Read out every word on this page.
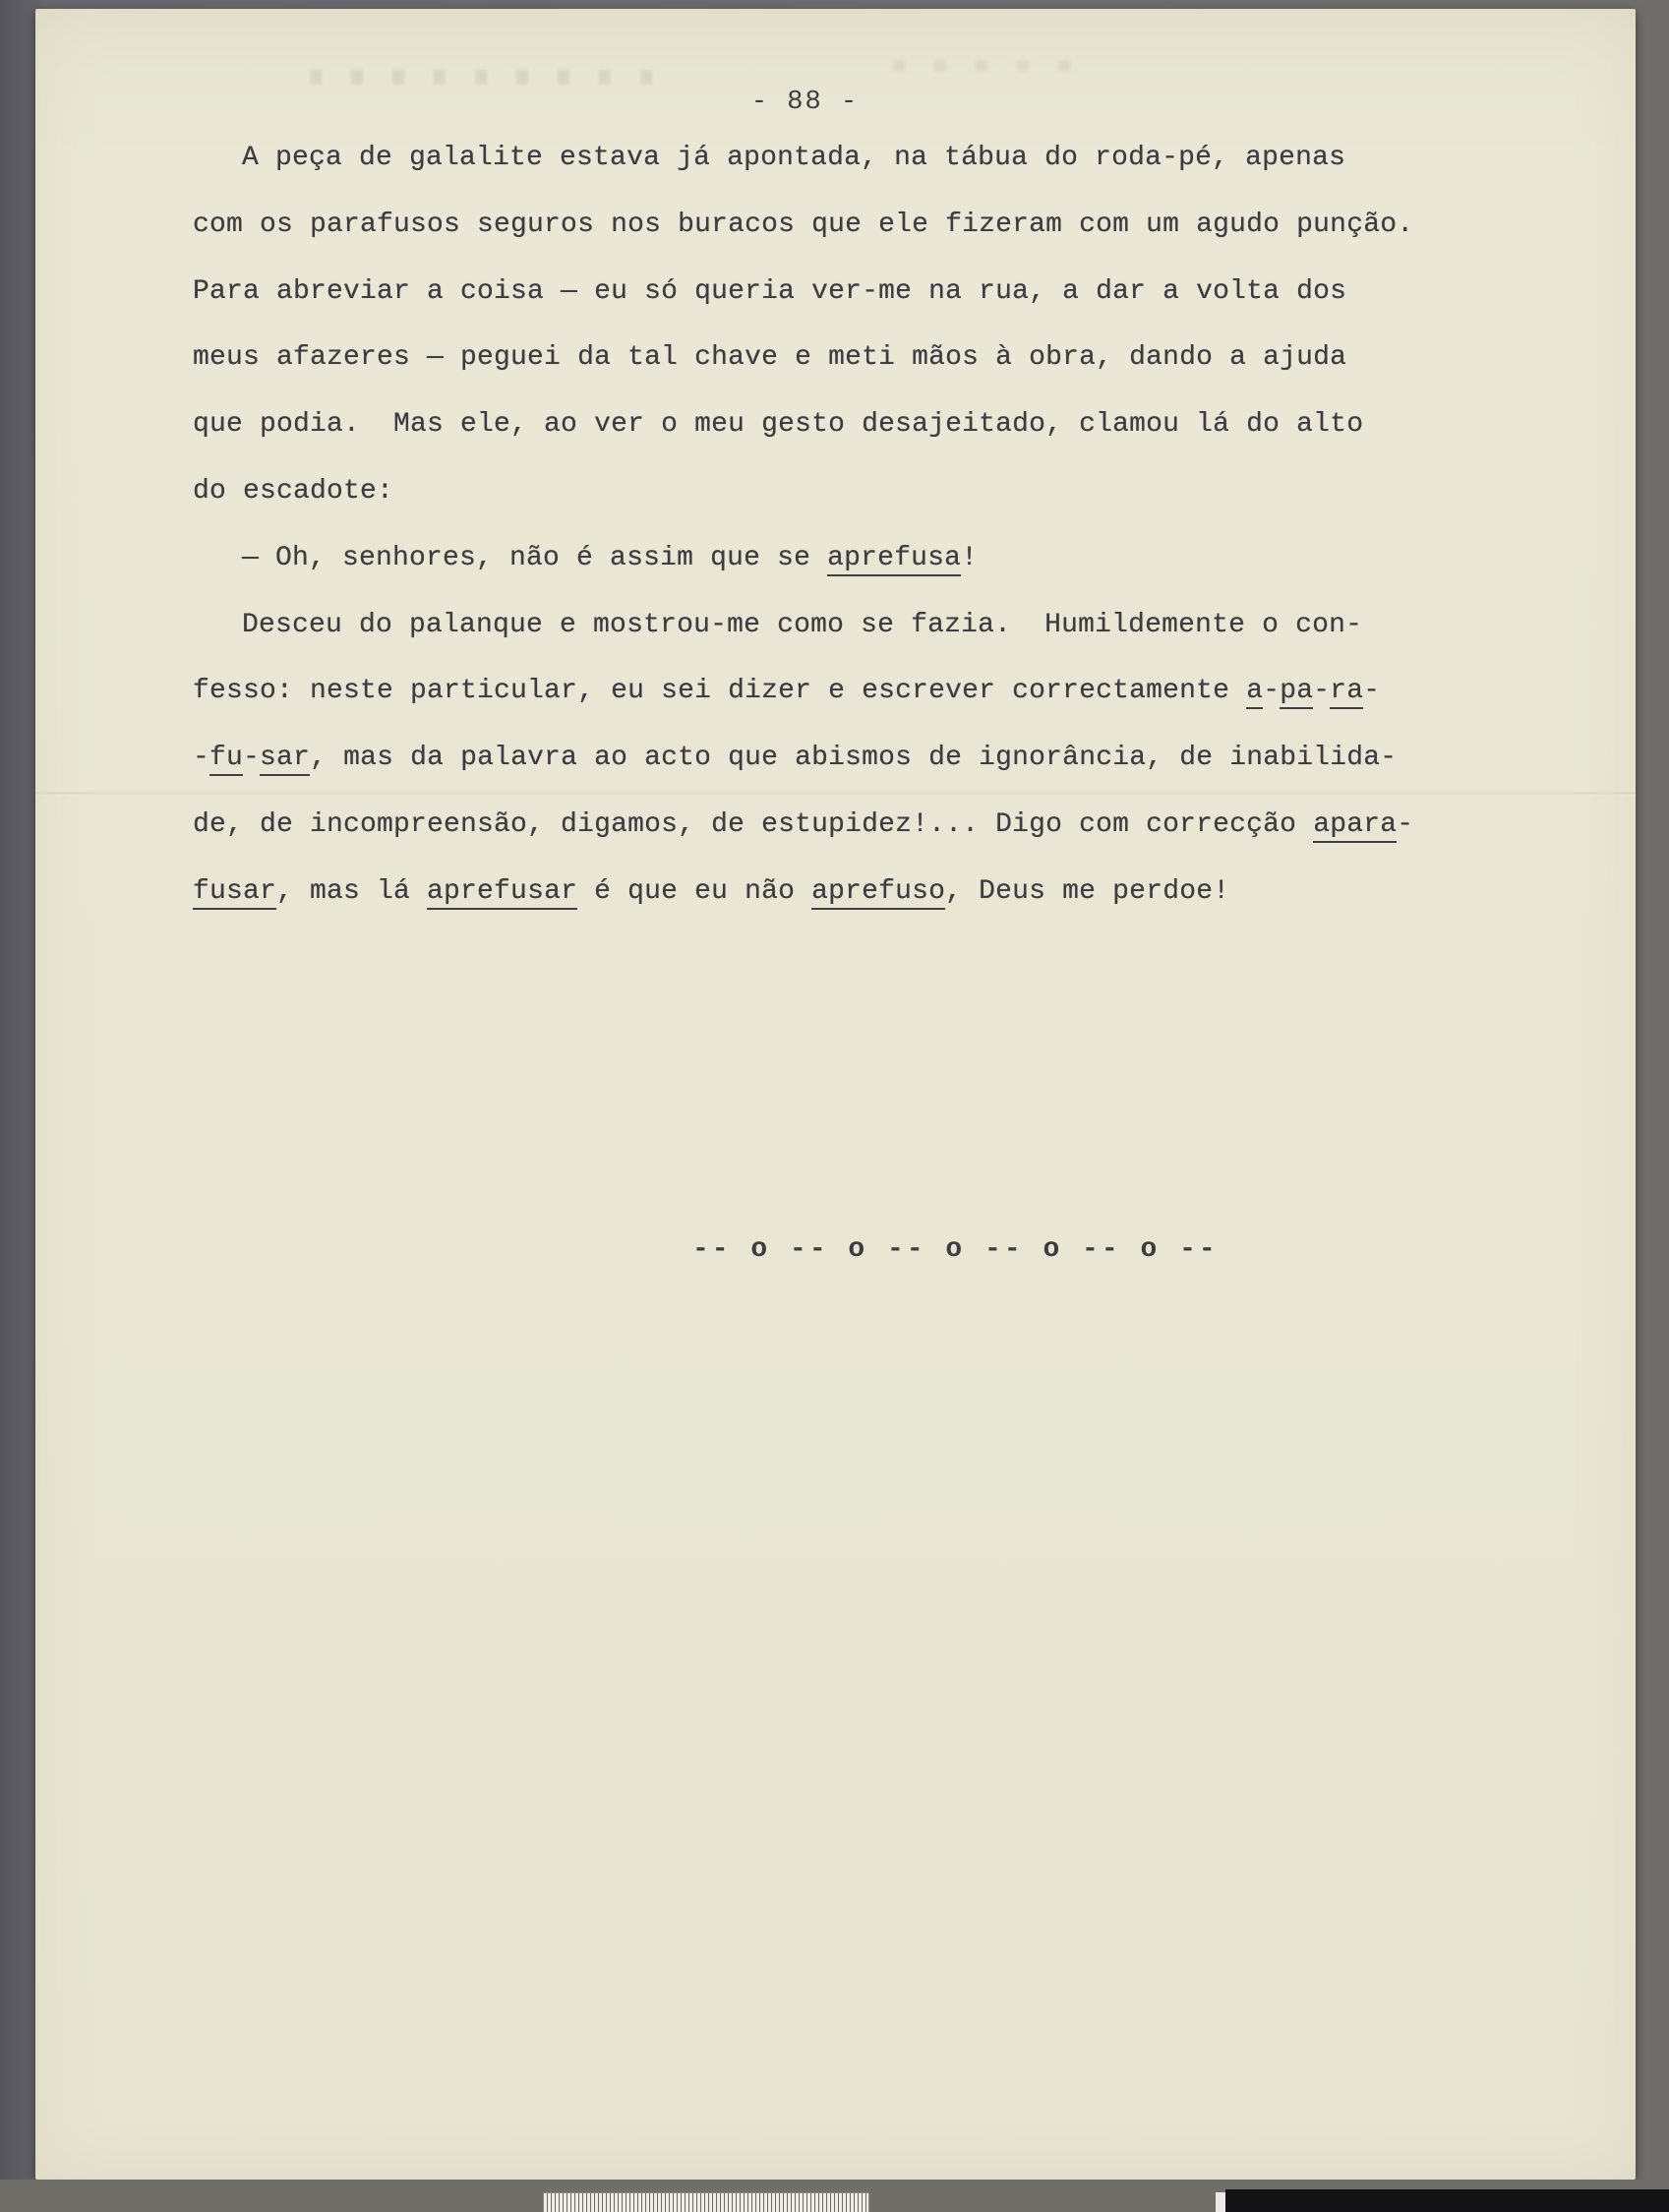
- 88 -
A peça de galalite estava já apontada, na tábua do roda-pé, apenas
com os parafusos seguros nos buracos que ele fizeram com um agudo punção.
Para abreviar a coisa — eu só queria ver-me na rua, a dar a volta dos
meus afazeres — peguei da tal chave e meti mãos à obra, dando a ajuda
que podia.  Mas ele, ao ver o meu gesto desajeitado, clamou lá do alto
do escadote:
— Oh, senhores, não é assim que se aprefusa!
Desceu do palanque e mostrou-me como se fazia.  Humildemente o con-
fesso: neste particular, eu sei dizer e escrever correctamente a-pa-ra-
-fu-sar, mas da palavra ao acto que abismos de ignorância, de inabilida-
de, de incompreensão, digamos, de estupidez!... Digo com correcção apara-
fusar, mas lá aprefusar é que eu não aprefuso, Deus me perdoe!
-- o -- o -- o -- o -- o --
